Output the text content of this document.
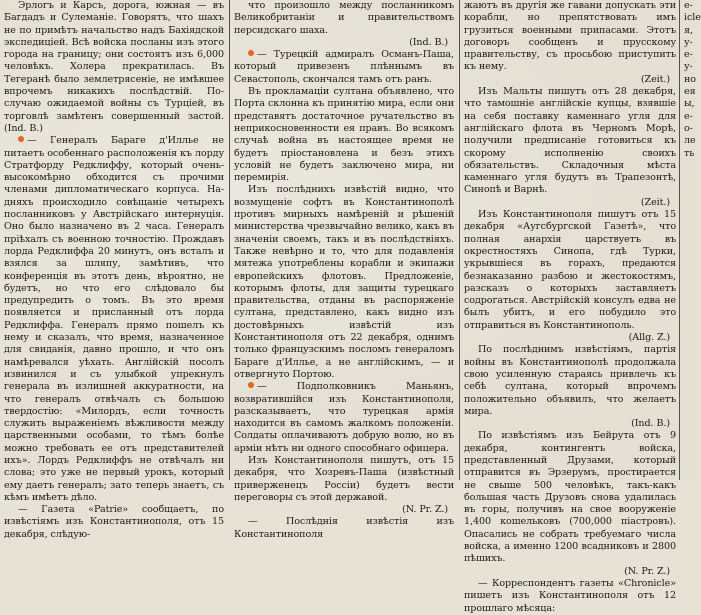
Эрлогъ и Карсъ, дорога, южная — въ Багдадъ и Сулеманіе. Говорятъ, что шахъ не по примѣтъ начальство надъ Бахіядской экспедиціей. Всѣ войска посланы изъ этого города на границу; они состоятъ изъ 6,000 человѣкъ. Холера прекратилась. Въ Тегеранѣ было землетрясеніе, не имѣвшее впрочемъ никакихъ послѣдствій. По-случаю ожидаемой войны съ Турціей, въ торговлѣ замѣтенъ совершенный застой. (Ind. B.)

— Генералъ Бараге д'Илльe не питаетъ особеннаго расположенія къ лорду Стратфорду Редклиффу, который очень-высокомѣрно обходится съ прочими членами дипломатическаго корпуса. На-дняхъ происходило совѣщаніе четырехъ посланниковъ у Австрійскаго интернуція. Оно было назначено въ 2 часа. Генералъ пріѣхалъ съ военною точностію. Прождавъ лорда Редклиффа 20 минутъ, онъ всталъ и взялся за шляпу, замѣтивъ, что конференція въ этотъ день, вѣроятно, не будетъ, но что его слѣдовало бы предупредить о томъ. Въ это время появляется и присланный отъ лорда Редклиффа. Генералъ прямо пошелъ къ нему и сказалъ, что время, назначенное для свиданія, давно прошло, и что онъ намѣревался уѣхать. Англійскій посолъ извинился и съ улыбкой упрекнулъ генерала въ излишней аккуратности, на что генералъ отвѣчалъ съ большою твердостію: «Милордъ, если точность служить выраженіемъ вѣжливости между царственными особами, то тѣмъ болѣе можно требовать ее отъ представителей ихъ». Лордъ Редклиффъ не отвѣчалъ ни слова; это уже не первый урокъ, который ему даетъ генералъ; зато теперь знаетъ, съ кѣмъ имѣетъ дѣло.

— Газета «Patrie» сообщаетъ, по извѣстіямъ изъ Константинополя, отъ 15 декабря, слѣдую-

что произошло между посланникомъ Великобританіи и правительствомъ персидскаго шаха.

(Ind. B.)

— Турецкій адмиралъ Османъ-Паша, который привезенъ плѣннымъ въ Севастополь, скончался тамъ отъ ранъ.

Въ прокламаціи султана объявлено, что Порта склонна къ принятію мира, если они представятъ достаточное ручательство въ неприкосновенности ея правъ. Во всякомъ случаѣ война въ настоящее время не будетъ пріостановлена и безъ этихъ условій не будетъ заключено мира, ни перемирія.

Изъ послѣднихъ извѣстій видно, что возмущеніе софтъ въ Константинополѣ противъ мирныхъ намѣреній и рѣшеній министерства чрезвычайно велико, какъ въ значеніи своемъ, такъ и въ послѣдствіяхъ. Также невѣрно и то, что для подавленія мятежа употреблены корабли и экипажи европейскихъ флотовъ. Предложеніе, которымъ флоты, для защиты турецкаго правительства, отданы въ распоряженіе султана, представлено, какъ видно изъ достовѣрныхъ извѣстій изъ Константинополя отъ 22 декабря, однимъ только французскимъ посломъ генераломъ Бараге д'Илльe, а не англійскимъ, — и отвергнуто Портою.

— Подполковникъ Маньянъ, возвратившійся изъ Константинополя, разсказываетъ, что турецкая армія находится въ самомъ жалкомъ положеніи. Солдаты оплачиваютъ добрую волю, но въ арміи нѣтъ ни одного способнаго офицера.

Изъ Константинополя пишутъ, отъ 15 декабря, что Хозревъ-Паша (извѣстный приверженецъ Россіи) будетъ вести переговоры съ этой державой.

(N. Pr. Z.)

— Послѣднія извѣстія изъ Константинополя

жаютъ въ другія же гавани допускать эти корабли, но препятствовать имъ грузиться военными припасами. Этотъ договоръ сообщенъ и прусскому правительству, съ просьбою приступить къ нему.

(Zeit.)

Изъ Мальты пишутъ отъ 28 декабря, что тамошніе англійскіе купцы, взявшіе на себя поставку каменнаго угля для англійскаго флота въ Черномъ Морѣ, получили предписаніе готовиться къ скорому исполненію своихъ обязательствъ. Складочныя мѣста каменнаго угля будутъ въ Трапезонтѣ, Синопѣ и Варнѣ.

(Zeit.)

Изъ Константинополя пишутъ отъ 15 декабря «Аугсбургской Газетѣ», что полная анархія царствуетъ въ окрестностяхъ Синопа, гдѣ Турки, укрывшіеся въ горахъ, предаются безнаказанно разбою и жестокостямъ, разсказъ о которыхъ заставляетъ содрогаться. Австрійскій консулъ едва не былъ убитъ, и его побудило это отправиться въ Константинополь.

(Allg. Z.)

По послѣднимъ извѣстіямъ, партія войны въ Константинополѣ продолжала свою усиленную стараясь привлечь къ себѣ султана, который впрочемъ положительно объявилъ, что желаетъ мира.

(Ind. B.)

По извѣстіямъ изъ Бейрута отъ 9 декабря, контингентъ войска, представленный Друзами, который отправится въ Эрзерумъ, простирается не свыше 500 человѣкъ, такъ-какъ большая часть Друзовъ снова удалилась въ горы, получивъ на свое вооруженіе 1,400 кошельковъ (700,000 піастровъ). Опасались не собрать требуемаго числа войска, а именно 1200 всадниковъ и 2800 пѣшихъ.

(N. Pr. Z.)

— Корреспондентъ газеты «Chronicle» пишетъ изъ Константинополя отъ 12 прошлаго мѣсяца:

e-

icle

я,

у-

е-

у-

но

ея

ы,

е-

о-

ле

ть
